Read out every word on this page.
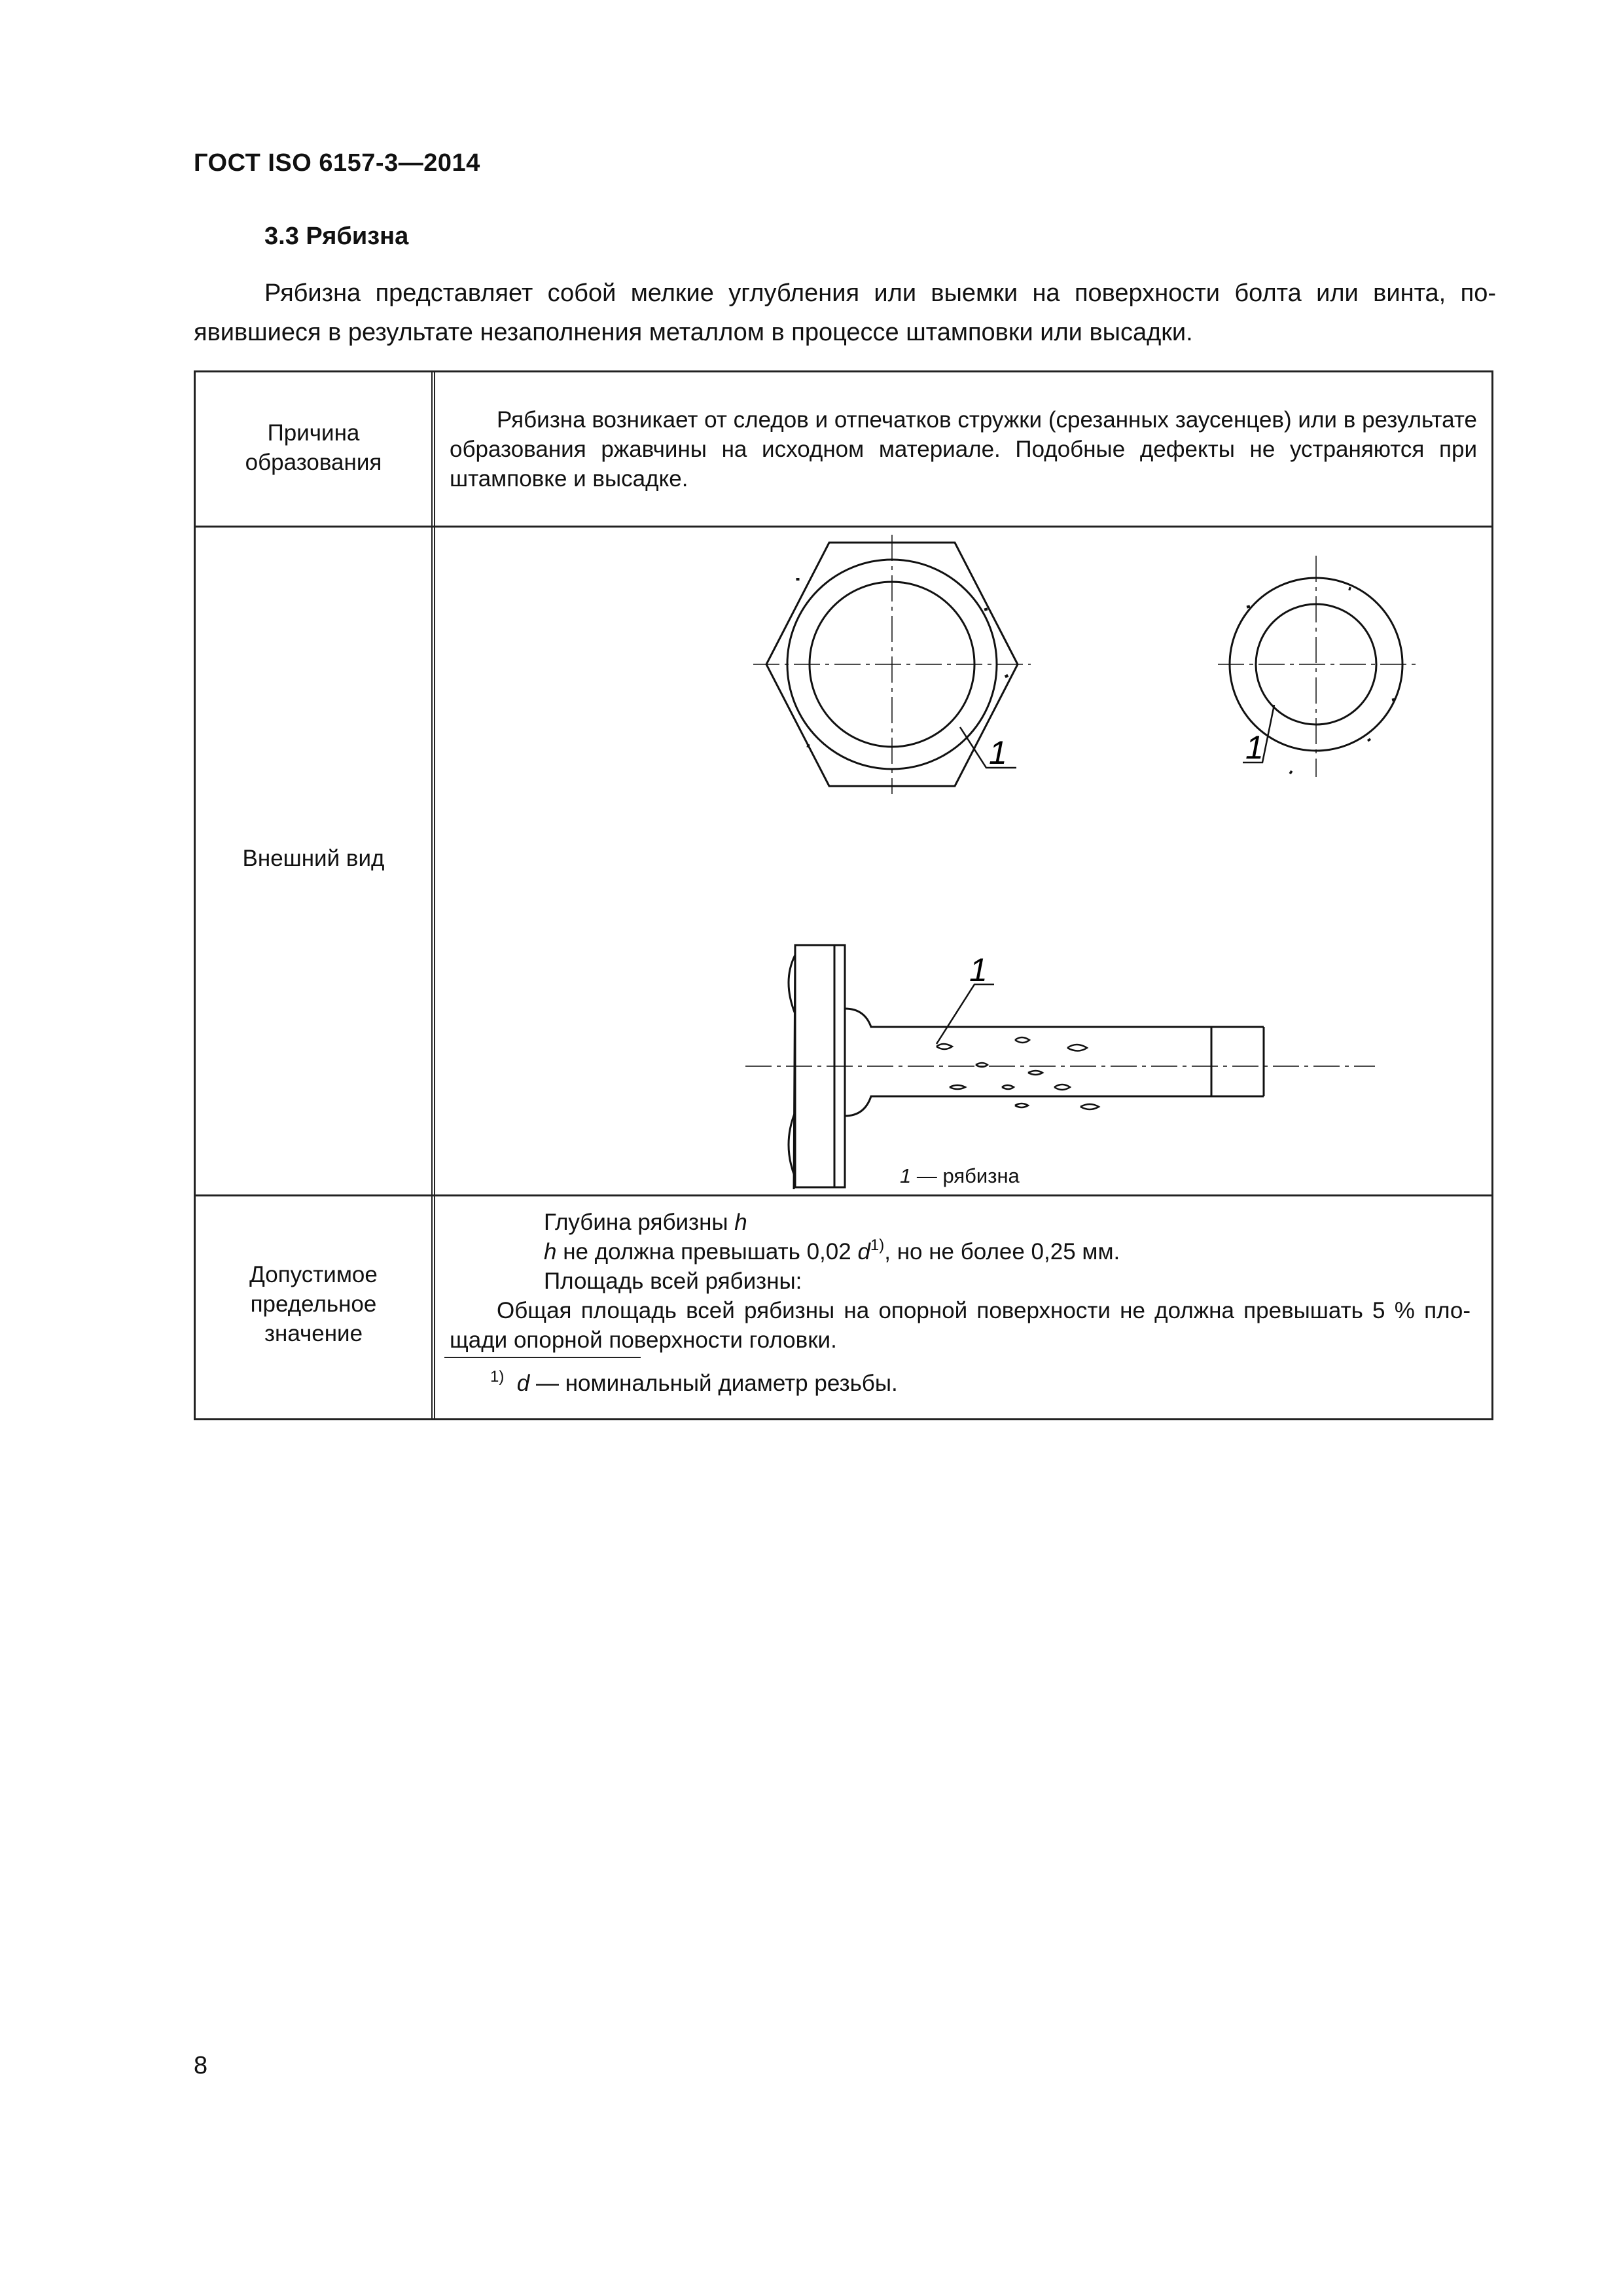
ГОСТ ISO 6157-3—2014
3.3 Рябизна
Рябизна представляет собой мелкие углубления или выемки на поверхности болта или винта, по-
явившиеся в результате незаполнения металлом в процессе штамповки или высадки.
Причина
образования
Рябизна возникает от следов и отпечатков стружки (срезанных заусенцев) или в результате образования ржавчины на исходном материале. Подобные дефекты не устраняются при штамповке и высадке.
Внешний вид
1	1
1
1 — рябизна
Допустимое
предельное
значение
Глубина рябизны h
h не должна превышать 0,02 $d^{1)}$, но не более 0,25 мм.
Площадь всей рябизны:
Общая площадь всей рябизны на опорной поверхности не должна превышать 5 % пло-
щади опорной поверхности головки.
$^{1)}$ d — номинальный диаметр резьбы.
8
